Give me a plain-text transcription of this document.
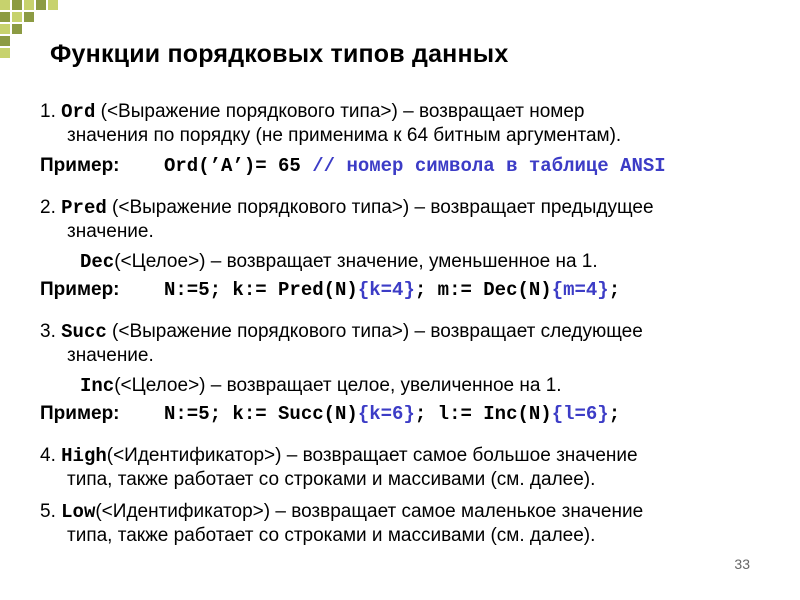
Функции порядковых типов данных
1. Ord (<Выражение порядкового типа>) – возвращает номер
значения по порядку (не применима к 64 битным аргументам).
Пример: Ord(’A’)= 65 // номер символа в таблице ANSI
2. Pred (<Выражение порядкового типа>) – возвращает предыдущее
значение.
Dec(<Целое>) – возвращает значение, уменьшенное на 1.
Пример: N:=5; k:= Pred(N){k=4}; m:= Dec(N){m=4};
3. Succ (<Выражение порядкового типа>) – возвращает следующее
значение.
Inc(<Целое>) – возвращает целое, увеличенное на 1.
Пример: N:=5; k:= Succ(N){k=6}; l:= Inc(N){l=6};
4. High(<Идентификатор>) – возвращает самое большое значение
типа, также работает со строками и массивами (см. далее).
5. Low(<Идентификатор>) – возвращает самое маленькое значение
типа, также работает со строками и массивами (см. далее).
33
